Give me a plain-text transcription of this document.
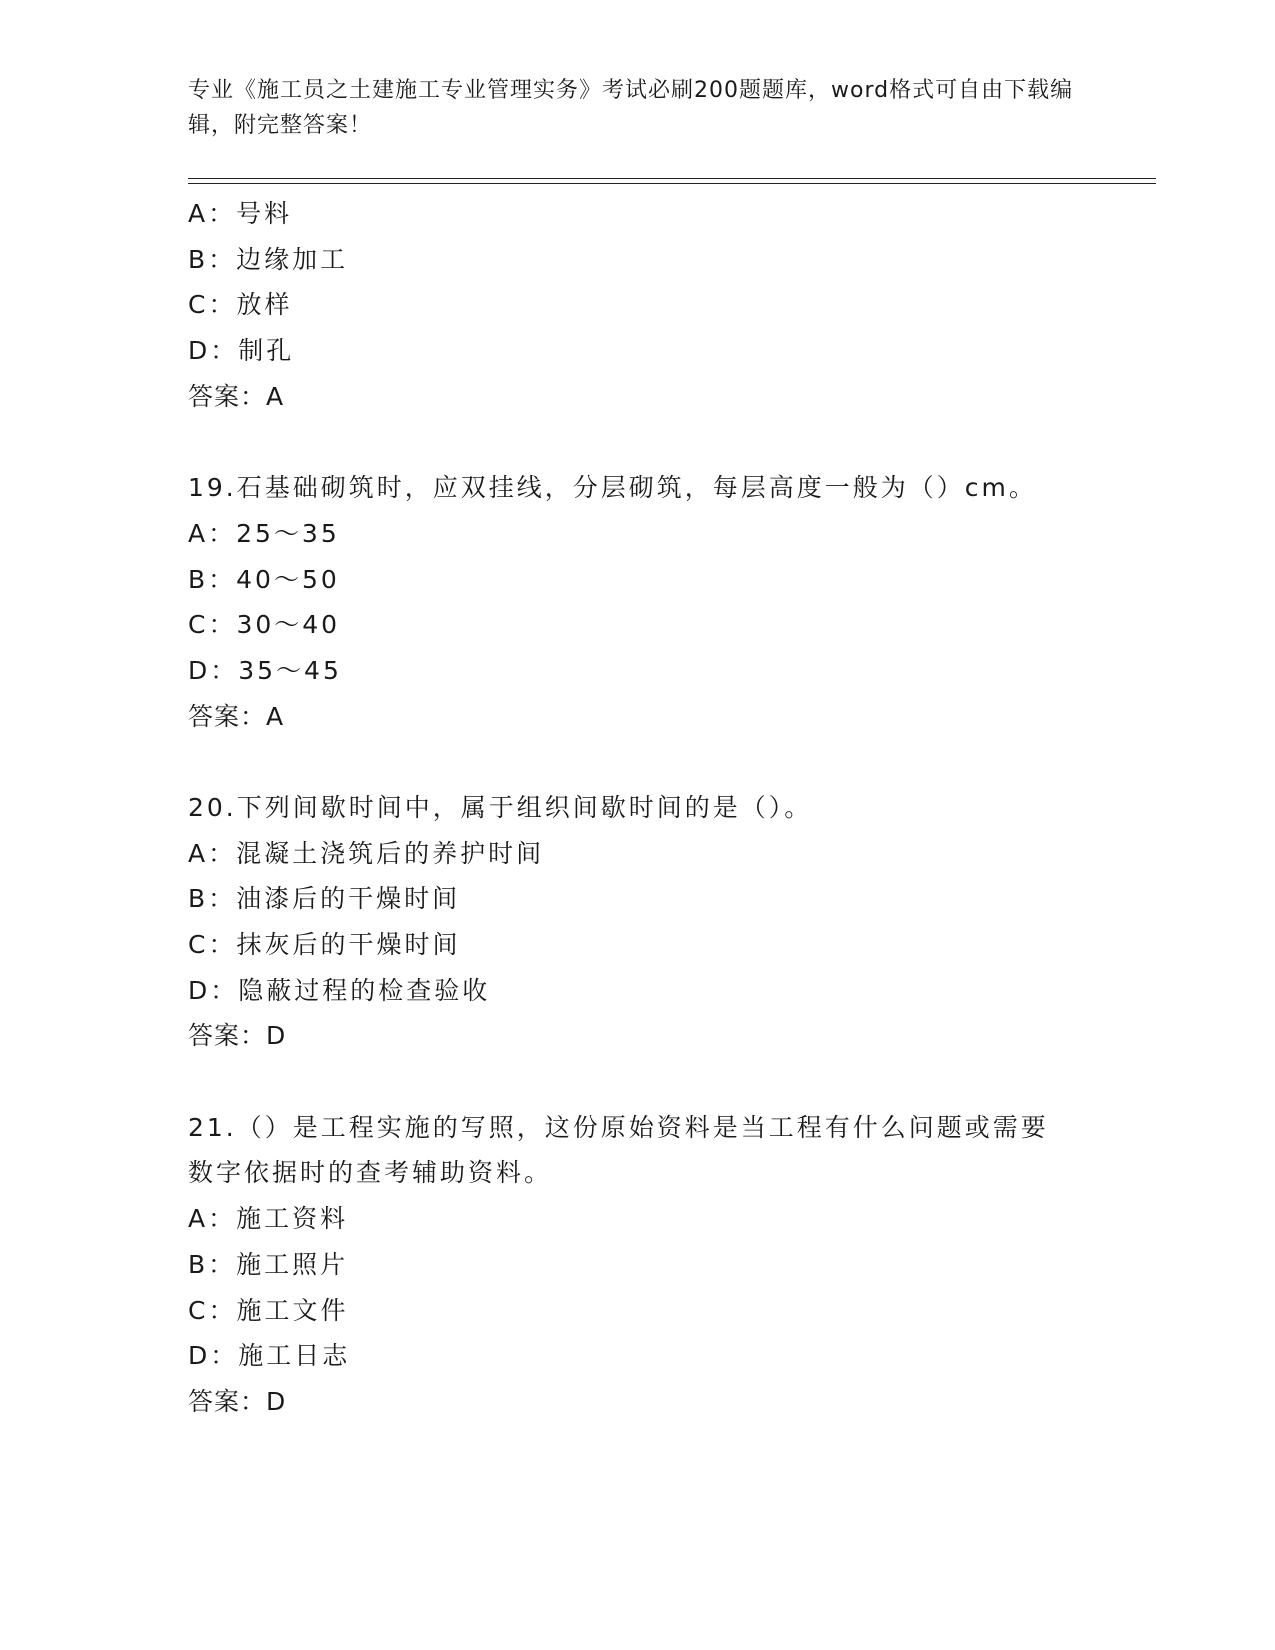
专业《施工员之土建施工专业管理实务》考试必刷200题题库，word格式可自由下载编辑，附完整答案！
A：号料
B：边缘加工
C：放样
D：制孔
答案：A
19.石基础砌筑时，应双挂线，分层砌筑，每层高度一般为（）cm。
A：25～35
B：40～50
C：30～40
D：35～45
答案：A
20.下列间歇时间中，属于组织间歇时间的是（）。
A：混凝土浇筑后的养护时间
B：油漆后的干燥时间
C：抹灰后的干燥时间
D：隐蔽过程的检查验收
答案：D
21.（）是工程实施的写照，这份原始资料是当工程有什么问题或需要
数字依据时的查考辅助资料。
A：施工资料
B：施工照片
C：施工文件
D：施工日志
答案：D
